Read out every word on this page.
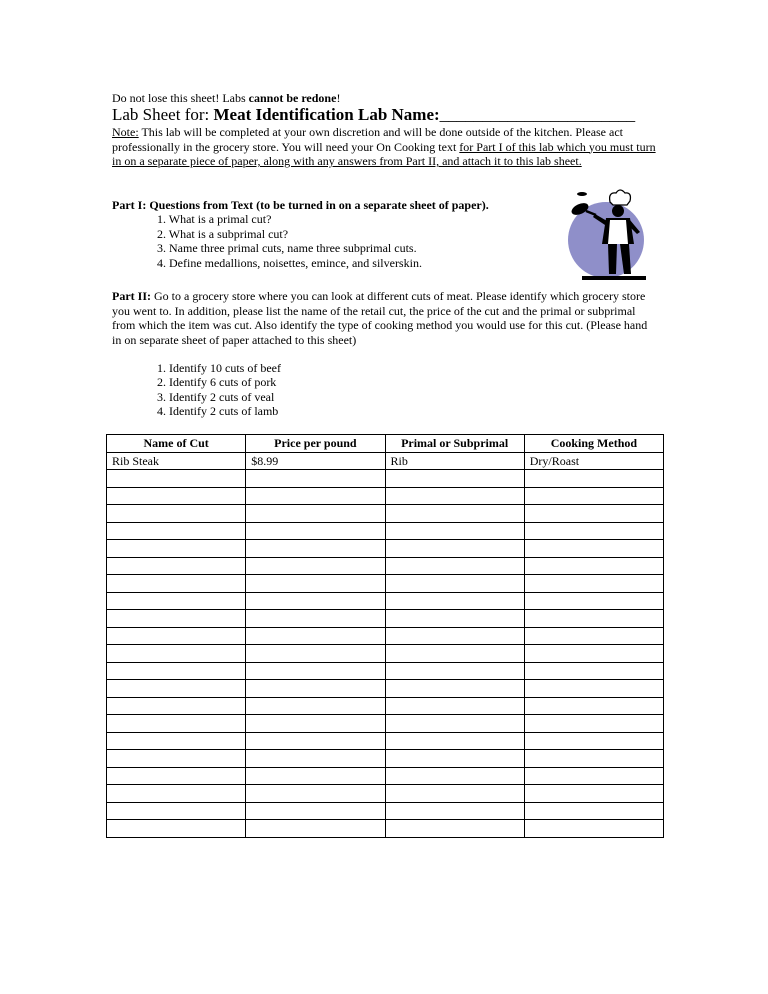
Do not lose this sheet! Labs cannot be redone!
Lab Sheet for: Meat Identification Lab Name:_______________________
Note: This lab will be completed at your own discretion and will be done outside of the kitchen. Please act professionally in the grocery store. You will need your On Cooking text for Part I of this lab which you must turn in on a separate piece of paper, along with any answers from Part II, and attach it to this lab sheet.
Part I: Questions from Text (to be turned in on a separate sheet of paper).
1. What is a primal cut?
2. What is a subprimal cut?
3. Name three primal cuts, name three subprimal cuts.
4. Define medallions, noisettes, emince, and silverskin.
Part II: Go to a grocery store where you can look at different cuts of meat. Please identify which grocery store you went to. In addition, please list the name of the retail cut, the price of the cut and the primal or subprimal from which the item was cut. Also identify the type of cooking method you would use for this cut. (Please hand in on separate sheet of paper attached to this sheet)
1. Identify 10 cuts of beef
2. Identify 6 cuts of pork
3. Identify 2 cuts of veal
4. Identify 2 cuts of lamb
Name of Cut	Price per pound	Primal or Subprimal	Cooking Method
Rib Steak	$8.99	Rib	Dry/Roast
